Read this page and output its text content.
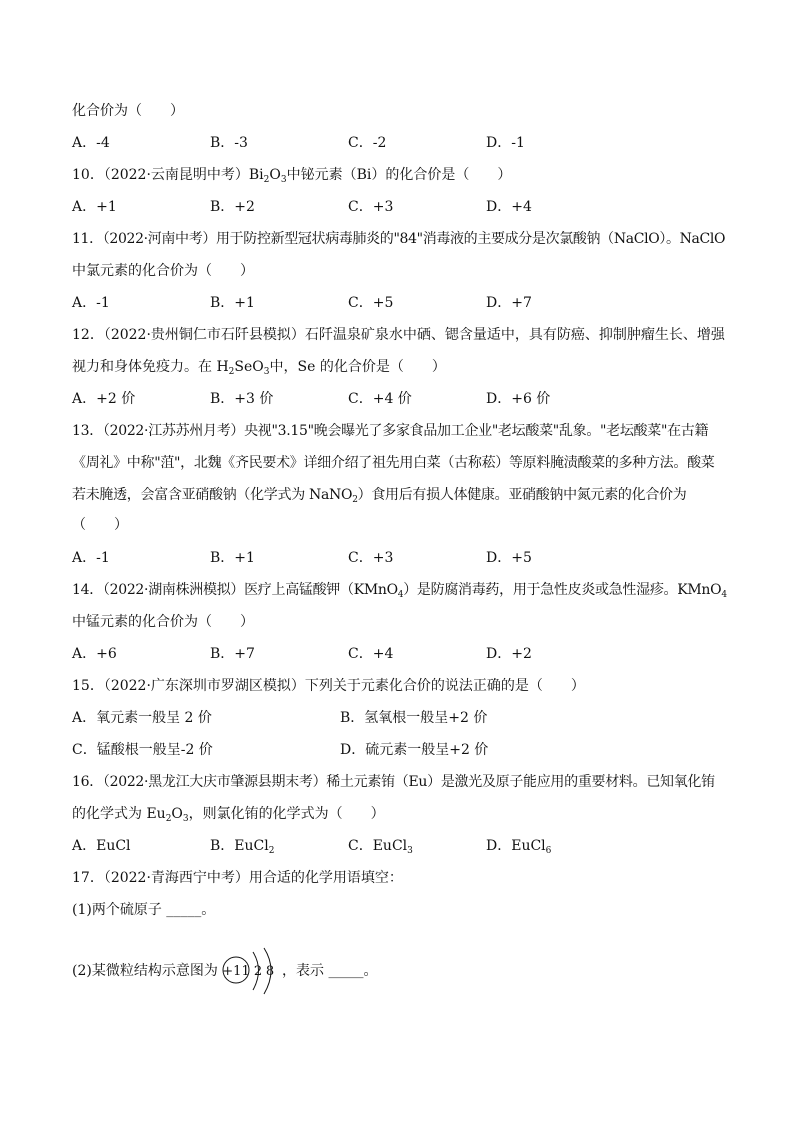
化合价为（　　）
A．-4	B．-3	C．-2	D．-1
10．（2022·云南昆明中考）$Bi_2O_3$中铋元素（Bi）的化合价是（　　）
A．+1	B．+2	C．+3	D．+4
11．（2022·河南中考）用于防控新型冠状病毒肺炎的"84"消毒液的主要成分是次氯酸钠（NaClO）。NaClO
中氯元素的化合价为（　　）
A．-1	B．+1	C．+5	D．+7
12．（2022·贵州铜仁市石阡县模拟）石阡温泉矿泉水中硒、锶含量适中，具有防癌、抑制肿瘤生长、增强
视力和身体免疫力。在 $H_2SeO_3$中，Se 的化合价是（　　）
A．+2 价	B．+3 价	C．+4 价	D．+6 价
13．（2022·江苏苏州月考）央视"3.15"晚会曝光了多家食品加工企业"老坛酸菜"乱象。"老坛酸菜"在古籍
《周礼》中称"菹"，北魏《齐民要术》详细介绍了祖先用白菜（古称菘）等原料腌渍酸菜的多种方法。酸菜
若未腌透，会富含亚硝酸钠（化学式为 NaNO$_2$）食用后有损人体健康。亚硝酸钠中氮元素的化合价为
（　　）
A．-1	B．+1	C．+3	D．+5
14．（2022·湖南株洲模拟）医疗上高锰酸钾（KMnO$_4$）是防腐消毒药，用于急性皮炎或急性湿疹。KMnO$_4$
中锰元素的化合价为（　　）
A．+6	B．+7	C．+4	D．+2
15．（2022·广东深圳市罗湖区模拟）下列关于元素化合价的说法正确的是（　　）
A．氧元素一般呈 2 价	B．氢氧根一般呈+2 价
C．锰酸根一般呈-2 价	D．硫元素一般呈+2 价
16．（2022·黑龙江大庆市肇源县期末考）稀土元素铕（Eu）是激光及原子能应用的重要材料。已知氧化铕
的化学式为 $Eu_2O_3$，则氯化铕的化学式为（　　）
A．EuCl	B．EuCl$_2$	C．EuCl$_3$	D．EuCl$_6$
17．（2022·青海西宁中考）用合适的化学用语填空：
(1)两个硫原子 _____。
(2)某微粒结构示意图为 +11 2 8 ，表示 _____。
